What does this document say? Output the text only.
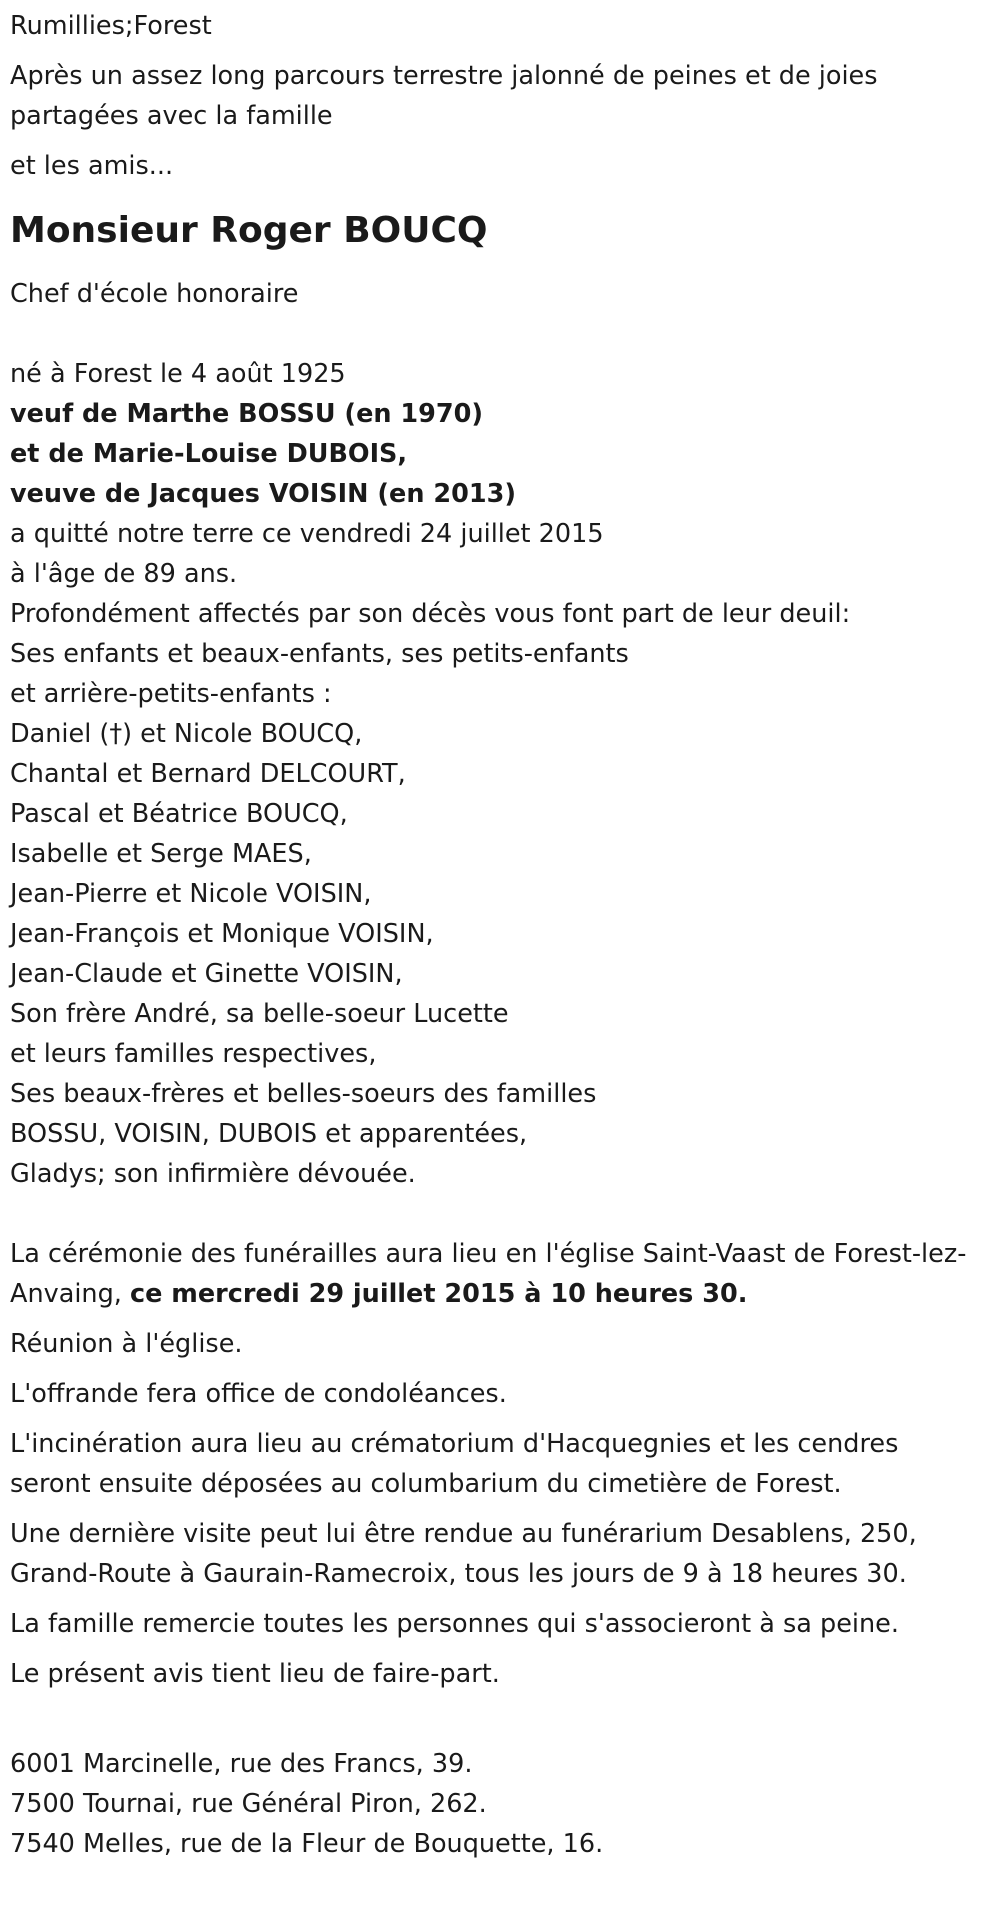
Rumillies;Forest
Après un assez long parcours terrestre jalonné de peines et de joies partagées avec la famille
et les amis...
Monsieur Roger BOUCQ
Chef d'école honoraire
né à Forest le 4 août 1925
veuf de Marthe BOSSU (en 1970)
et de Marie-Louise DUBOIS,
veuve de Jacques VOISIN (en 2013)
a quitté notre terre ce vendredi 24 juillet 2015
à l'âge de 89 ans.
Profondément affectés par son décès vous font part de leur deuil:
Ses enfants et beaux-enfants, ses petits-enfants
et arrière-petits-enfants :
Daniel (†) et Nicole BOUCQ,
Chantal et Bernard DELCOURT,
Pascal et Béatrice BOUCQ,
Isabelle et Serge MAES,
Jean-Pierre et Nicole VOISIN,
Jean-François et Monique VOISIN,
Jean-Claude et Ginette VOISIN,
Son frère André, sa belle-soeur Lucette
et leurs familles respectives,
Ses beaux-frères et belles-soeurs des familles
BOSSU, VOISIN, DUBOIS et apparentées,
Gladys; son infirmière dévouée.
La cérémonie des funérailles aura lieu en l'église Saint-Vaast de Forest-lez-Anvaing, ce mercredi 29 juillet 2015 à 10 heures 30.
Réunion à l'église.
L'offrande fera office de condoléances.
L'incinération aura lieu au crématorium d'Hacquegnies et les cendres seront ensuite déposées au columbarium du cimetière de Forest.
Une dernière visite peut lui être rendue au funérarium Desablens, 250, Grand-Route à Gaurain-Ramecroix, tous les jours de 9 à 18 heures 30.
La famille remercie toutes les personnes qui s'associeront à sa peine.
Le présent avis tient lieu de faire-part.
6001 Marcinelle, rue des Francs, 39.
7500 Tournai, rue Général Piron, 262.
7540 Melles, rue de la Fleur de Bouquette, 16.
